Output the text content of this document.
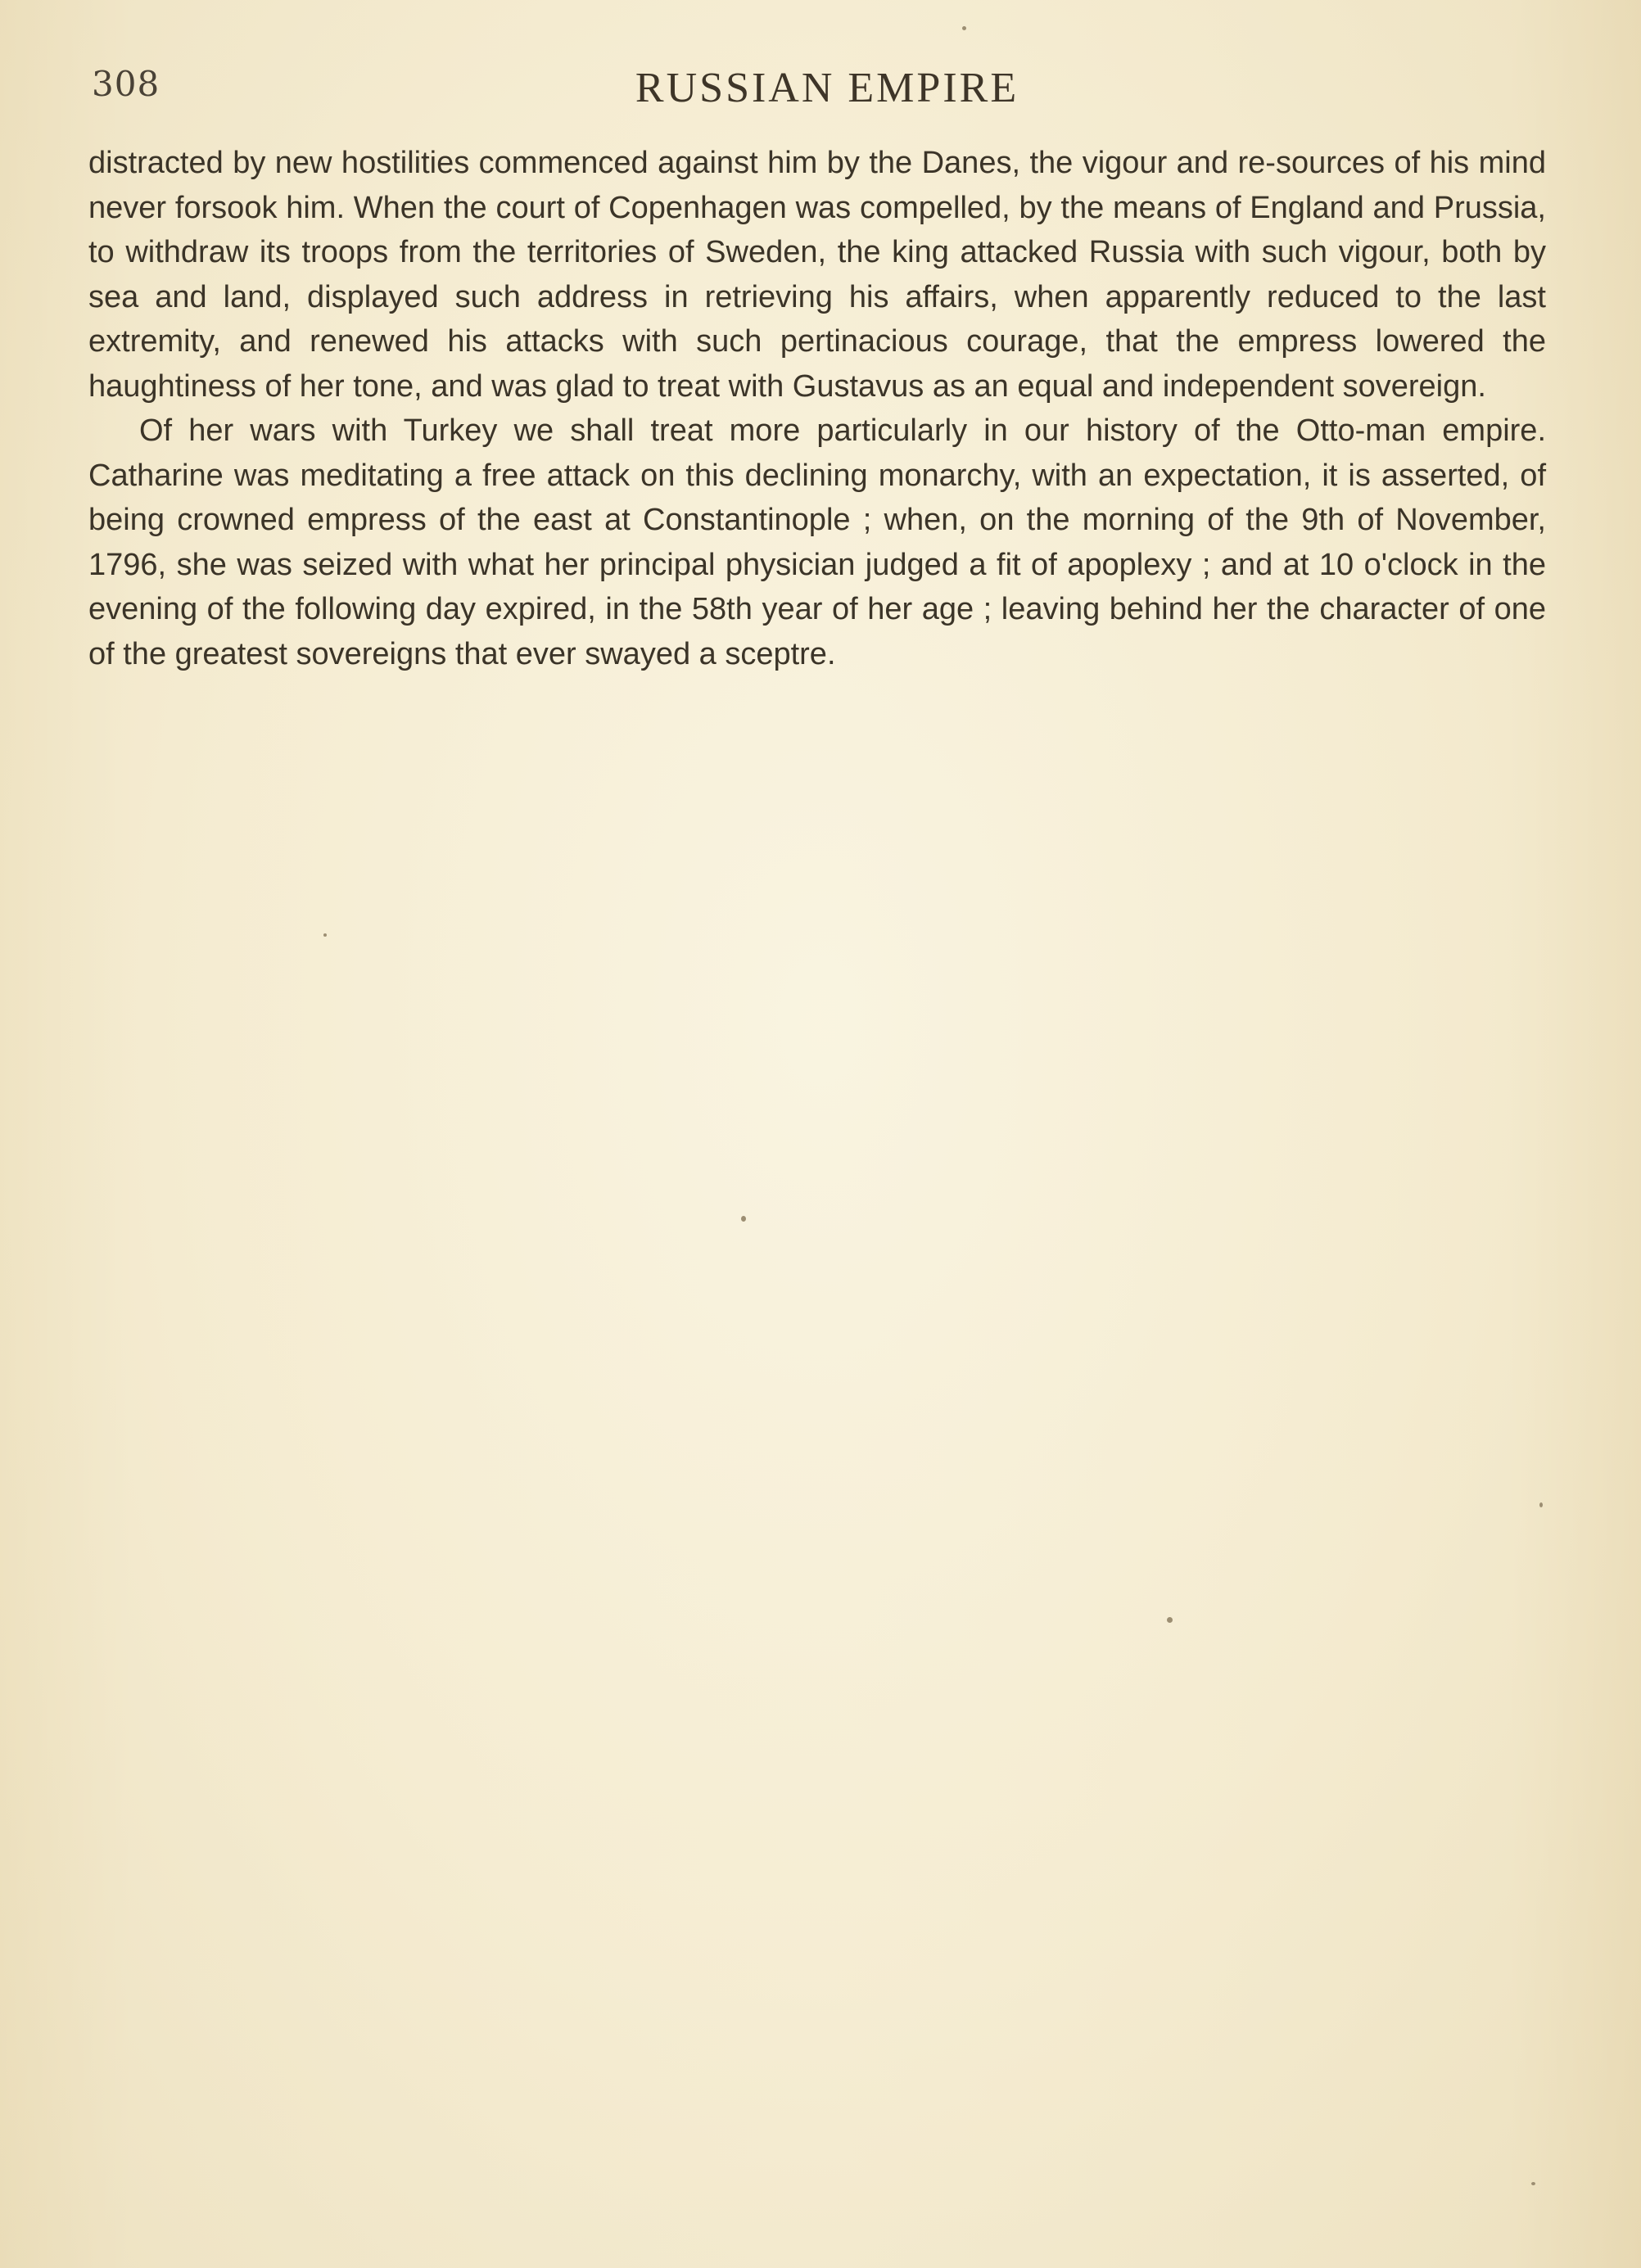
308	RUSSIAN EMPIRE

distracted by new hostilities commenced against him by the Danes, the vigour and re-sources of his mind never forsook him. When the court of Copenhagen was compelled, by the means of England and Prussia, to withdraw its troops from the territories of Sweden, the king attacked Russia with such vigour, both by sea and land, displayed such address in retrieving his affairs, when apparently reduced to the last extremity, and renewed his attacks with such pertinacious courage, that the empress lowered the haughtiness of her tone, and was glad to treat with Gustavus as an equal and independent sovereign.

Of her wars with Turkey we shall treat more particularly in our history of the Otto-man empire. Catharine was meditating a free attack on this declining monarchy, with an expectation, it is asserted, of being crowned empress of the east at Constantinople ; when, on the morning of the 9th of November, 1796, she was seized with what her principal physician judged a fit of apoplexy ; and at 10 o'clock in the evening of the following day expired, in the 58th year of her age ; leaving behind her the character of one of the greatest sovereigns that ever swayed a sceptre.
